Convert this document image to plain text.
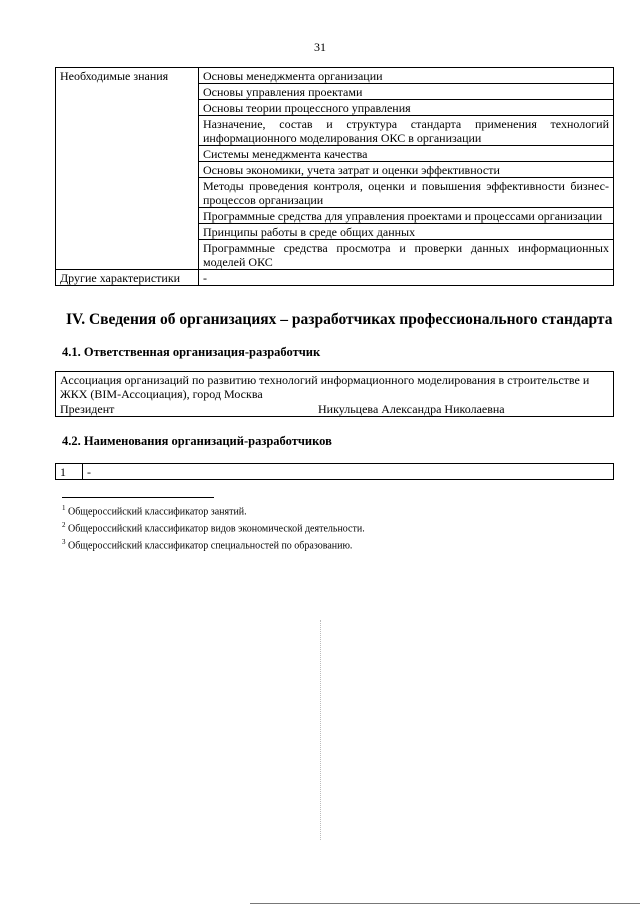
31
Необходимые знания	Основы менеджмента организации
	Основы управления проектами
	Основы теории процессного управления
	Назначение, состав и структура стандарта применения технологий информационного моделирования ОКС в организации
	Системы менеджмента качества
	Основы экономики, учета затрат и оценки эффективности
	Методы проведения контроля, оценки и повышения эффективности бизнес-процессов организации
	Программные средства для управления проектами и процессами организации
	Принципы работы в среде общих данных
	Программные средства просмотра и проверки данных информационных моделей ОКС
Другие характеристики	-
IV. Сведения об организациях – разработчиках профессионального стандарта
4.1. Ответственная организация-разработчик
Ассоциация организаций по развитию технологий информационного моделирования в строительстве и ЖКХ (BIM-Ассоциация), город Москва
Президент	Никульцева Александра Николаевна
4.2. Наименования организаций-разработчиков
1	-
$^1$ Общероссийский классификатор занятий.
$^2$ Общероссийский классификатор видов экономической деятельности.
$^3$ Общероссийский классификатор специальностей по образованию.
